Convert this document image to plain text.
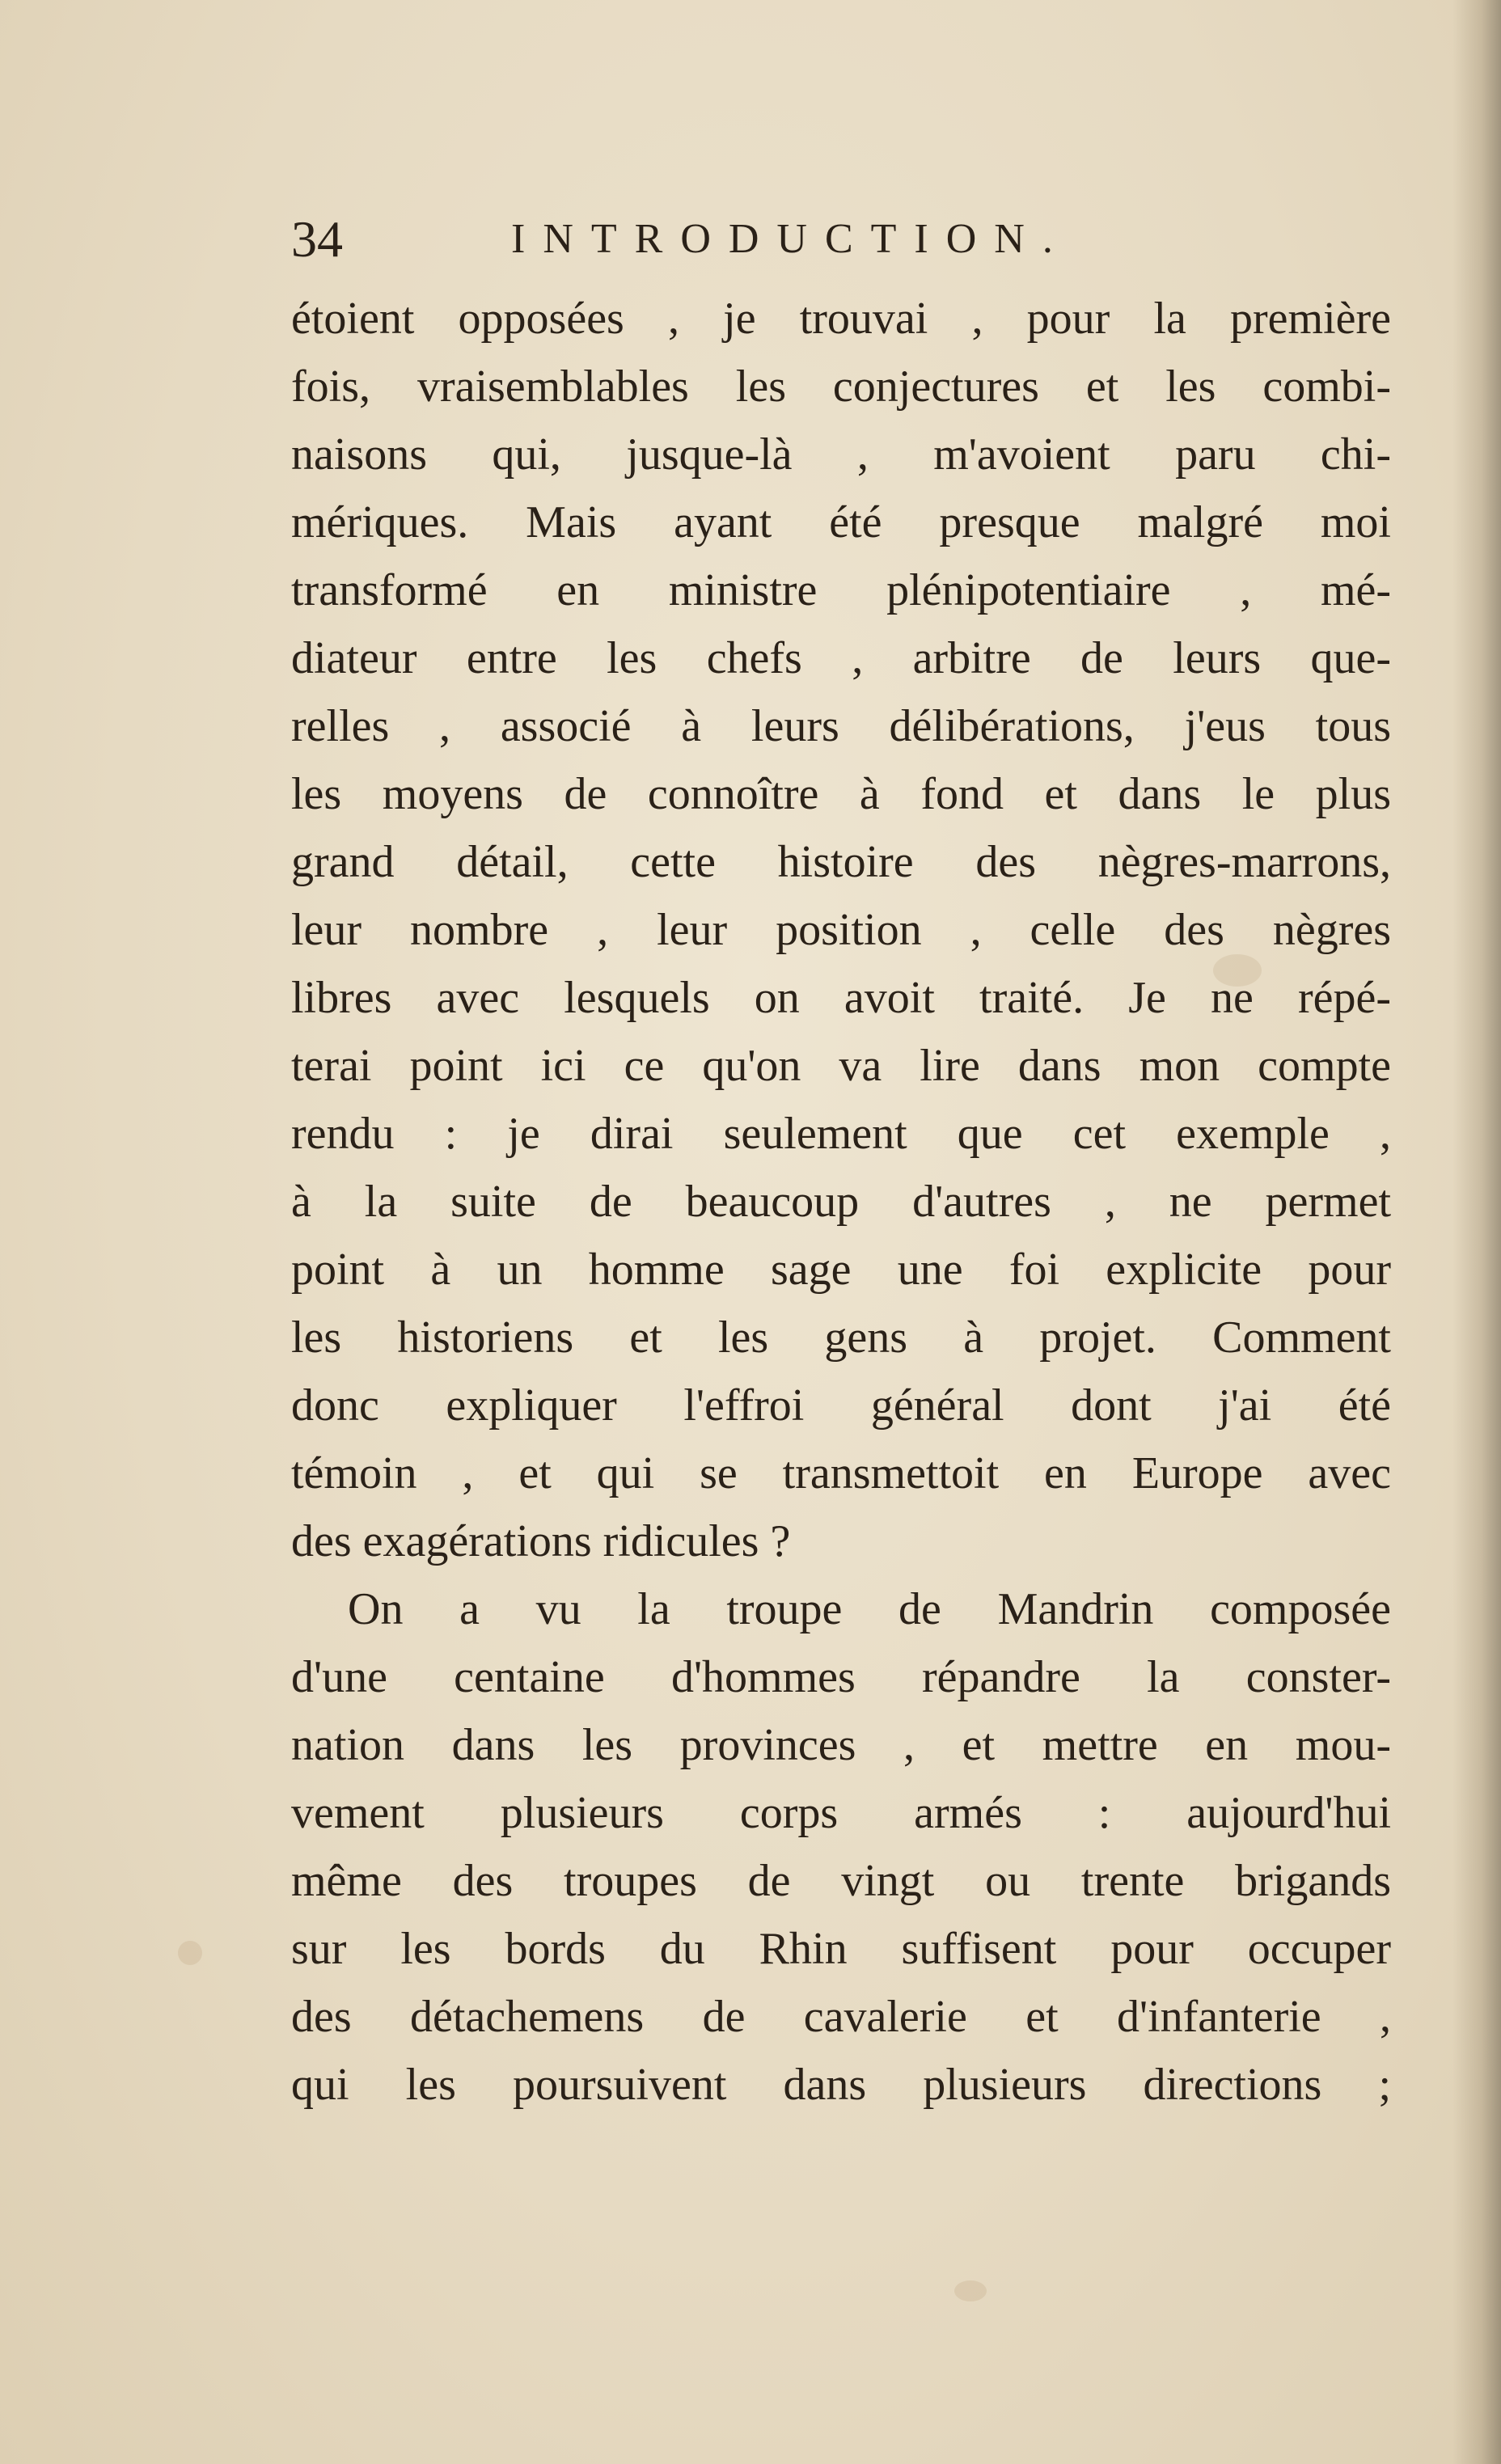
34	INTRODUCTION.
étoient opposées , je trouvai , pour la première
fois, vraisemblables les conjectures et les combi-
naisons qui, jusque-là , m'avoient paru chi-
mériques. Mais ayant été presque malgré moi
transformé en ministre plénipotentiaire , mé-
diateur entre les chefs , arbitre de leurs que-
relles , associé à leurs délibérations, j'eus tous
les moyens de connoître à fond et dans le plus
grand détail, cette histoire des nègres-marrons,
leur nombre , leur position , celle des nègres
libres avec lesquels on avoit traité. Je ne répé-
terai point ici ce qu'on va lire dans mon compte
rendu : je dirai seulement que cet exemple ,
à la suite de beaucoup d'autres , ne permet
point à un homme sage une foi explicite pour
les historiens et les gens à projet. Comment
donc expliquer l'effroi général dont j'ai été
témoin , et qui se transmettoit en Europe avec
des exagérations ridicules ?
On a vu la troupe de Mandrin composée
d'une centaine d'hommes répandre la conster-
nation dans les provinces , et mettre en mou-
vement plusieurs corps armés : aujourd'hui
même des troupes de vingt ou trente brigands
sur les bords du Rhin suffisent pour occuper
des détachemens de cavalerie et d'infanterie ,
qui les poursuivent dans plusieurs directions ;
